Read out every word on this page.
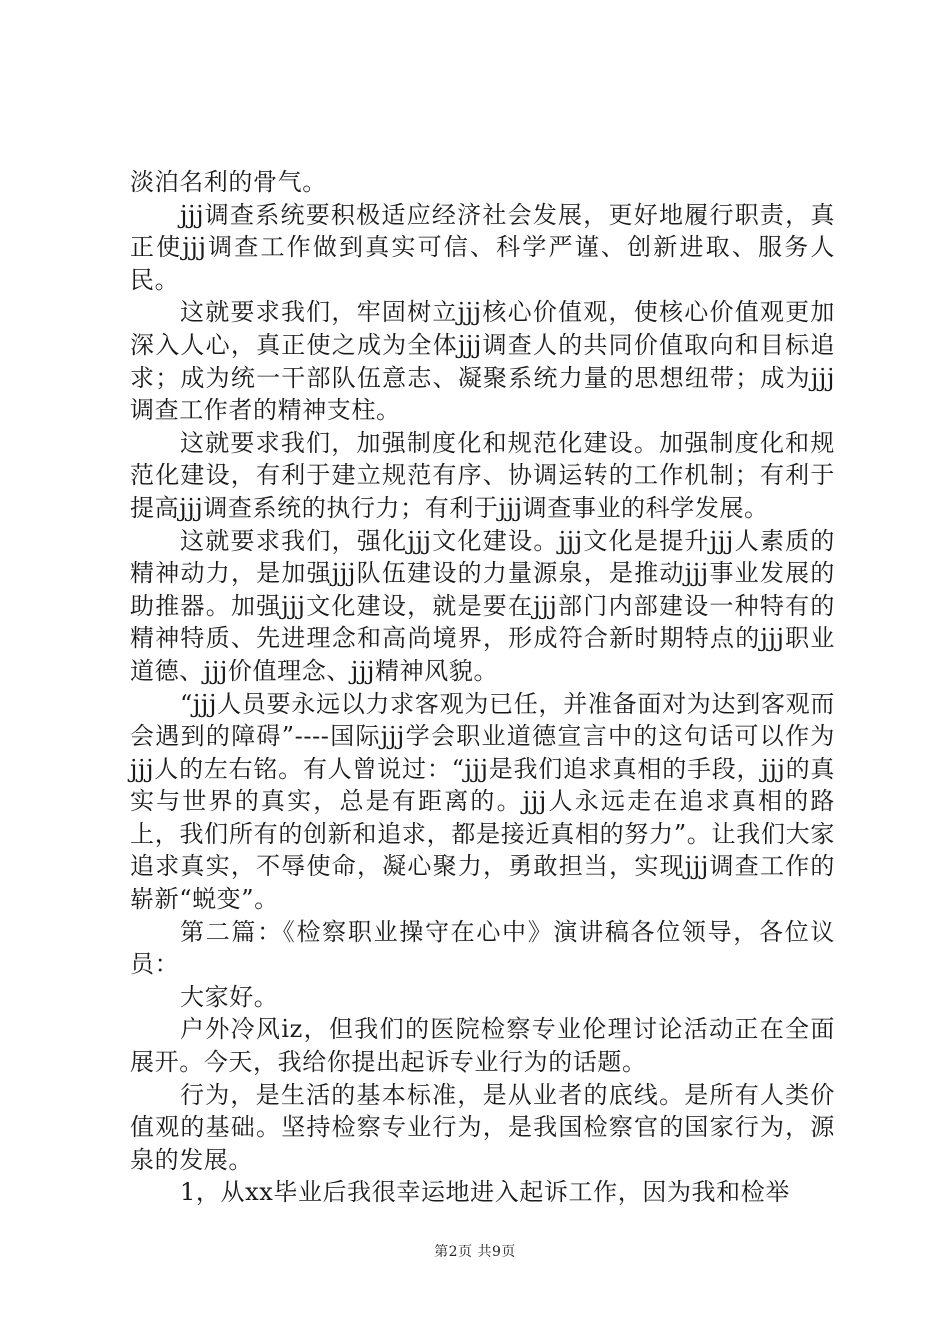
淡泊名利的骨气。

jjj调查系统要积极适应经济社会发展，更好地履行职责，真正使jjj调查工作做到真实可信、科学严谨、创新进取、服务人民。

这就要求我们，牢固树立jjj核心价值观，使核心价值观更加深入人心，真正使之成为全体jjj调查人的共同价值取向和目标追求；成为统一干部队伍意志、凝聚系统力量的思想纽带；成为jjj调查工作者的精神支柱。

这就要求我们，加强制度化和规范化建设。加强制度化和规范化建设，有利于建立规范有序、协调运转的工作机制；有利于提高jjj调查系统的执行力；有利于jjj调查事业的科学发展。

这就要求我们，强化jjj文化建设。jjj文化是提升jjj人素质的精神动力，是加强jjj队伍建设的力量源泉，是推动jjj事业发展的助推器。加强jjj文化建设，就是要在jjj部门内部建设一种特有的精神特质、先进理念和高尚境界，形成符合新时期特点的jjj职业道德、jjj价值理念、jjj精神风貌。

“jjj人员要永远以力求客观为已任，并准备面对为达到客观而会遇到的障碍”----国际jjj学会职业道德宣言中的这句话可以作为jjj人的左右铭。有人曾说过：“jjj是我们追求真相的手段，jjj的真实与世界的真实，总是有距离的。jjj人永远走在追求真相的路上，我们所有的创新和追求，都是接近真相的努力”。让我们大家追求真实，不辱使命，凝心聚力，勇敢担当，实现jjj调查工作的崭新“蜕变”。

第二篇：《检察职业操守在心中》演讲稿各位领导，各位议员：

大家好。

户外冷风iz，但我们的医院检察专业伦理讨论活动正在全面展开。今天，我给你提出起诉专业行为的话题。

行为，是生活的基本标准，是从业者的底线。是所有人类价值观的基础。坚持检察专业行为，是我国检察官的国家行为，源泉的发展。

1，从xx毕业后我很幸运地进入起诉工作，因为我和检举

第2页 共9页
